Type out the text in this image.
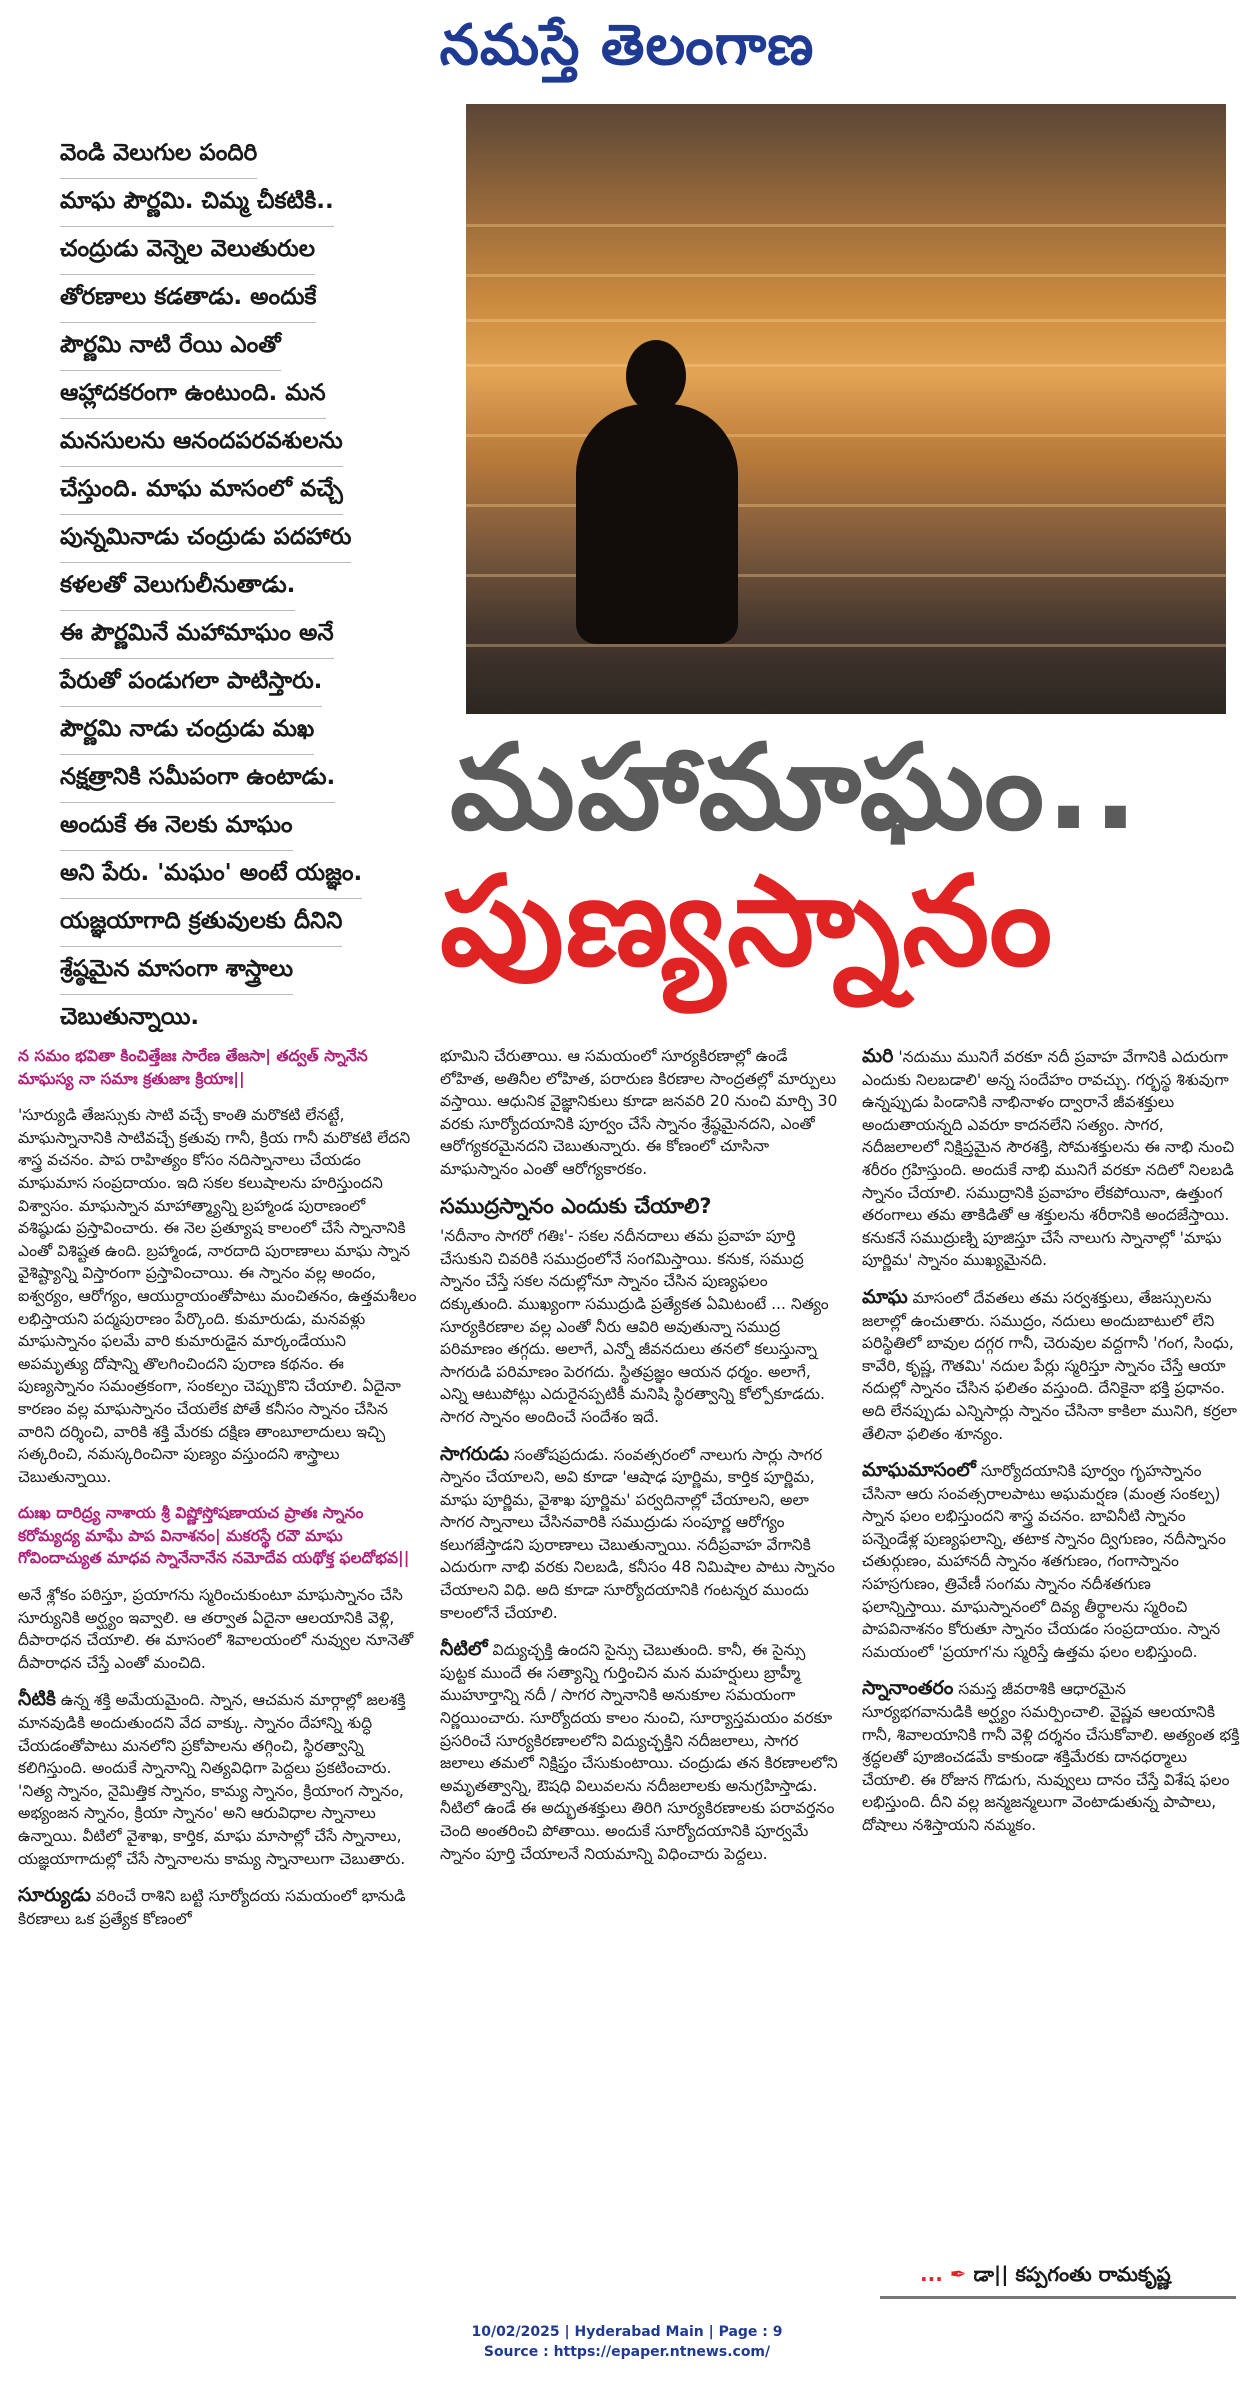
నమస్తే తెలంగాణ
వెండి వెలుగుల పందిరి
మాఘ పౌర్ణమి. చిమ్మ చీకటికి..
చంద్రుడు వెన్నెల వెలుతురుల
తోరణాలు కడతాడు. అందుకే
పౌర్ణమి నాటి రేయి ఎంతో
ఆహ్లాదకరంగా ఉంటుంది. మన
మనసులను ఆనందపరవశులను
చేస్తుంది. మాఘ మాసంలో వచ్చే
పున్నమినాడు చంద్రుడు పదహారు
కళలతో వెలుగులీనుతాడు.
ఈ పౌర్ణమినే మహామాఘం అనే
పేరుతో పండుగలా పాటిస్తారు.
పౌర్ణమి నాడు చంద్రుడు మఖ
నక్షత్రానికి సమీపంగా ఉంటాడు.
అందుకే ఈ నెలకు మాఘం
అని పేరు. 'మఘం' అంటే యజ్ఞం.
యజ్ఞయాగాది క్రతువులకు దీనిని
శ్రేష్ఠమైన మాసంగా శాస్త్రాలు
చెబుతున్నాయి.
మహామాఘం..
పుణ్యస్నానం

న సమం భవితా కించిత్తేజః సారేణ తేజసా| తద్వత్ స్నానేన మాఘస్య నా సమాః క్రతుజాః క్రియాః||

'సూర్యుడి తేజస్సుకు సాటి వచ్చే కాంతి మరొకటి లేనట్టే, మాఘస్నానానికి సాటివచ్చే క్రతువు గానీ, క్రియ గానీ మరొకటి లేదని శాస్త్ర వచనం. పాప రాహిత్యం కోసం నదిస్నానాలు చేయడం మాఘమాస సంప్రదాయం. ఇది సకల కలుషాలను హరిస్తుందని విశ్వాసం. మాఘస్నాన మాహాత్మ్యాన్ని బ్రహ్మాండ పురాణంలో వశిష్ఠుడు ప్రస్తావించారు. ఈ నెల ప్రత్యూష కాలంలో చేసే స్నానానికి ఎంతో విశిష్టత ఉంది. బ్రహ్మాండ, నారదాది పురాణాలు మాఘ స్నాన వైశిష్ట్యాన్ని విస్తారంగా ప్రస్తావించాయి. ఈ స్నానం వల్ల అందం, ఐశ్వర్యం, ఆరోగ్యం, ఆయుర్దాయంతోపాటు మంచితనం, ఉత్తమశీలం లభిస్తాయని పద్మపురాణం పేర్కొంది. కుమారుడు, మనవళ్లు మాఘస్నానం ఫలమే వారి కుమారుడైన మార్కండేయుని అపమృత్యు దోషాన్ని తొలగించిందని పురాణ కథనం. ఈ పుణ్యస్నానం సమంత్రకంగా, సంకల్పం చెప్పుకొని చేయాలి. ఏదైనా కారణం వల్ల మాఘస్నానం చేయలేక పోతే కనీసం స్నానం చేసిన వారిని దర్శించి, వారికి శక్తి మేరకు దక్షిణ తాంబూలాదులు ఇచ్చి సత్కరించి, నమస్కరించినా పుణ్యం వస్తుందని శాస్త్రాలు చెబుతున్నాయి.

దుఃఖ దారిద్ర్య నాశాయ శ్రీ విష్ణోస్తోషణాయచ ప్రాతః స్నానం కరోమ్యద్య మాఘే పాప వినాశనం| మకరస్థే రవౌ మాఘ గోవిందాచ్యుత మాధవ స్నానేనానేన నమోదేవ యథోక్త ఫలదోభవ||

అనే శ్లోకం పఠిస్తూ, ప్రయాగను స్మరించుకుంటూ మాఘస్నానం చేసి సూర్యునికి అర్ఘ్యం ఇవ్వాలి. ఆ తర్వాత ఏదైనా ఆలయానికి వెళ్లి, దీపారాధన చేయాలి. ఈ మాసంలో శివాలయంలో నువ్వుల నూనెతో దీపారాధన చేస్తే ఎంతో మంచిది.

నీటికి ఉన్న శక్తి అమేయమైంది. స్నాన, ఆచమన మార్గాల్లో జలశక్తి మానవుడికి అందుతుందని వేద వాక్కు. స్నానం దేహాన్ని శుద్ధి చేయడంతోపాటు మనలోని ప్రకోపాలను తగ్గించి, స్థిరత్వాన్ని కలిగిస్తుంది. అందుకే స్నానాన్ని నిత్యవిధిగా పెద్దలు ప్రకటించారు. 'నిత్య స్నానం, నైమిత్తిక స్నానం, కామ్య స్నానం, క్రియాంగ స్నానం, అభ్యంజన స్నానం, క్రియా స్నానం' అని ఆరువిధాల స్నానాలు ఉన్నాయి. వీటిలో వైశాఖ, కార్తిక, మాఘ మాసాల్లో చేసే స్నానాలు, యజ్ఞయాగాదుల్లో చేసే స్నానాలను కామ్య స్నానాలుగా చెబుతారు.

సూర్యుడు వరించే రాశిని బట్టి సూర్యోదయ సమయంలో భానుడి కిరణాలు ఒక ప్రత్యేక కోణంలో

భూమిని చేరుతాయి. ఆ సమయంలో సూర్యకిరణాల్లో ఉండే లోహిత, అతినీల లోహిత, పరారుణ కిరణాల సాంద్రతల్లో మార్పులు వస్తాయి. ఆధునిక వైజ్ఞానికులు కూడా జనవరి 20 నుంచి మార్చి 30 వరకు సూర్యోదయానికి పూర్వం చేసే స్నానం శ్రేష్ఠమైనదని, ఎంతో ఆరోగ్యకరమైనదని చెబుతున్నారు. ఈ కోణంలో చూసినా మాఘస్నానం ఎంతో ఆరోగ్యకారకం.

సముద్రస్నానం ఎందుకు చేయాలి?

'నదీనాం సాగరో గతిః'- సకల నదీనదాలు తమ ప్రవాహ పూర్తి చేసుకుని చివరికి సముద్రంలోనే సంగమిస్తాయి. కనుక, సముద్ర స్నానం చేస్తే సకల నదుల్లోనూ స్నానం చేసిన పుణ్యఫలం దక్కుతుంది. ముఖ్యంగా సముద్రుడి ప్రత్యేకత ఏమిటంటే ... నిత్యం సూర్యకిరణాల వల్ల ఎంతో నీరు ఆవిరి అవుతున్నా సముద్ర పరిమాణం తగ్గదు. అలాగే, ఎన్నో జీవనదులు తనలో కలుస్తున్నా సాగరుడి పరిమాణం పెరగదు. స్థితప్రజ్ఞం ఆయన ధర్మం. అలాగే, ఎన్ని ఆటుపోట్లు ఎదురైనప్పటికీ మనిషి స్థిరత్వాన్ని కోల్పోకూడదు. సాగర స్నానం అందించే సందేశం ఇదే.

సాగరుడు సంతోషప్రదుడు. సంవత్సరంలో నాలుగు సార్లు సాగర స్నానం చేయాలని, అవి కూడా 'ఆషాఢ పూర్ణిమ, కార్తిక పూర్ణిమ, మాఘ పూర్ణిమ, వైశాఖ పూర్ణిమ' పర్వదినాల్లో చేయాలని, అలా సాగర స్నానాలు చేసినవారికి సముద్రుడు సంపూర్ణ ఆరోగ్యం కలుగజేస్తాడని పురాణాలు చెబుతున్నాయి. నదీప్రవాహ వేగానికి ఎదురుగా నాభి వరకు నిలబడి, కనీసం 48 నిమిషాల పాటు స్నానం చేయాలని విధి. అది కూడా సూర్యోదయానికి గంటన్నర ముందు కాలంలోనే చేయాలి.

నీటిలో విద్యుచ్ఛక్తి ఉందని సైన్సు చెబుతుంది. కానీ, ఈ సైన్సు పుట్టక ముందే ఈ సత్యాన్ని గుర్తించిన మన మహర్షులు బ్రాహ్మీ ముహూర్తాన్ని నదీ / సాగర స్నానానికి అనుకూల సమయంగా నిర్ణయించారు. సూర్యోదయ కాలం నుంచి, సూర్యాస్తమయం వరకూ ప్రసరించే సూర్యకిరణాలలోని విద్యుచ్ఛక్తిని నదీజలాలు, సాగర జలాలు తమలో నిక్షిప్తం చేసుకుంటాయి. చంద్రుడు తన కిరణాలలోని అమృతత్వాన్ని, ఔషధి విలువలను నదీజలాలకు అనుగ్రహిస్తాడు. నీటిలో ఉండే ఈ అద్భుతశక్తులు తిరిగి సూర్యకిరణాలకు పరావర్తనం చెంది అంతరించి పోతాయి. అందుకే సూర్యోదయానికి పూర్వమే స్నానం పూర్తి చేయాలనే నియమాన్ని విధించారు పెద్దలు.

మరి 'నదుము మునిగే వరకూ నదీ ప్రవాహ వేగానికి ఎదురుగా ఎందుకు నిలబడాలి' అన్న సందేహం రావచ్చు. గర్భస్థ శిశువుగా ఉన్నప్పుడు పిండానికి నాభినాళం ద్వారానే జీవశక్తులు అందుతాయన్నది ఎవరూ కాదనలేని సత్యం. సాగర, నదీజలాలలో నిక్షిప్తమైన సౌరశక్తి, సోమశక్తులను ఈ నాభి నుంచి శరీరం గ్రహిస్తుంది. అందుకే నాభి మునిగే వరకూ నదిలో నిలబడి స్నానం చేయాలి. సముద్రానికి ప్రవాహం లేకపోయినా, ఉత్తుంగ తరంగాలు తమ తాకిడితో ఆ శక్తులను శరీరానికి అందజేస్తాయి. కనుకనే సముద్రుణ్ని పూజిస్తూ చేసే నాలుగు స్నానాల్లో 'మాఘ పూర్ణిమ' స్నానం ముఖ్యమైనది.

మాఘ మాసంలో దేవతలు తమ సర్వశక్తులు, తేజస్సులను జలాల్లో ఉంచుతారు. సముద్రం, నదులు అందుబాటులో లేని పరిస్థితిలో బావుల దగ్గర గానీ, చెరువుల వద్దగానీ 'గంగ, సింధు, కావేరి, కృష్ణ, గౌతమి' నదుల పేర్లు స్మరిస్తూ స్నానం చేస్తే ఆయా నదుల్లో స్నానం చేసిన ఫలితం వస్తుంది. దేనికైనా భక్తి ప్రధానం. అది లేనప్పుడు ఎన్నిసార్లు స్నానం చేసినా కాకిలా మునిగి, కర్రలా తేలినా ఫలితం శూన్యం.

మాఘమాసంలో సూర్యోదయానికి పూర్వం గృహస్నానం చేసినా ఆరు సంవత్సరాలపాటు అఘమర్షణ (మంత్ర సంకల్ప) స్నాన ఫలం లభిస్తుందని శాస్త్ర వచనం. బావినీటి స్నానం పన్నెండేళ్ల పుణ్యఫలాన్ని, తటాక స్నానం ద్విగుణం, నదీస్నానం చతుర్గుణం, మహానదీ స్నానం శతగుణం, గంగాస్నానం సహస్రగుణం, త్రివేణీ సంగమ స్నానం నదీశతగుణ ఫలాన్నిస్తాయి. మాఘస్నానంలో దివ్య తీర్థాలను స్మరించి పాపవినాశనం కోరుతూ స్నానం చేయడం సంప్రదాయం. స్నాన సమయంలో 'ప్రయాగ'ను స్మరిస్తే ఉత్తమ ఫలం లభిస్తుంది.

స్నానాంతరం సమస్త జీవరాశికి ఆధారమైన సూర్యభగవానుడికి అర్ఘ్యం సమర్పించాలి. వైష్ణవ ఆలయానికి గానీ, శివాలయానికి గానీ వెళ్లి దర్శనం చేసుకోవాలి. అత్యంత భక్తి శ్రద్ధలతో పూజించడమే కాకుండా శక్తిమేరకు దానధర్మాలు చేయాలి. ఈ రోజున గొడుగు, నువ్వులు దానం చేస్తే విశేష ఫలం లభిస్తుంది. దీని వల్ల జన్మజన్మలుగా వెంటాడుతున్న పాపాలు, దోషాలు నశిస్తాయని నమ్మకం.

... ✒ డా|| కప్పగంతు రామకృష్ణ
10/02/2025 | Hyderabad Main | Page : 9
Source : https://epaper.ntnews.com/
